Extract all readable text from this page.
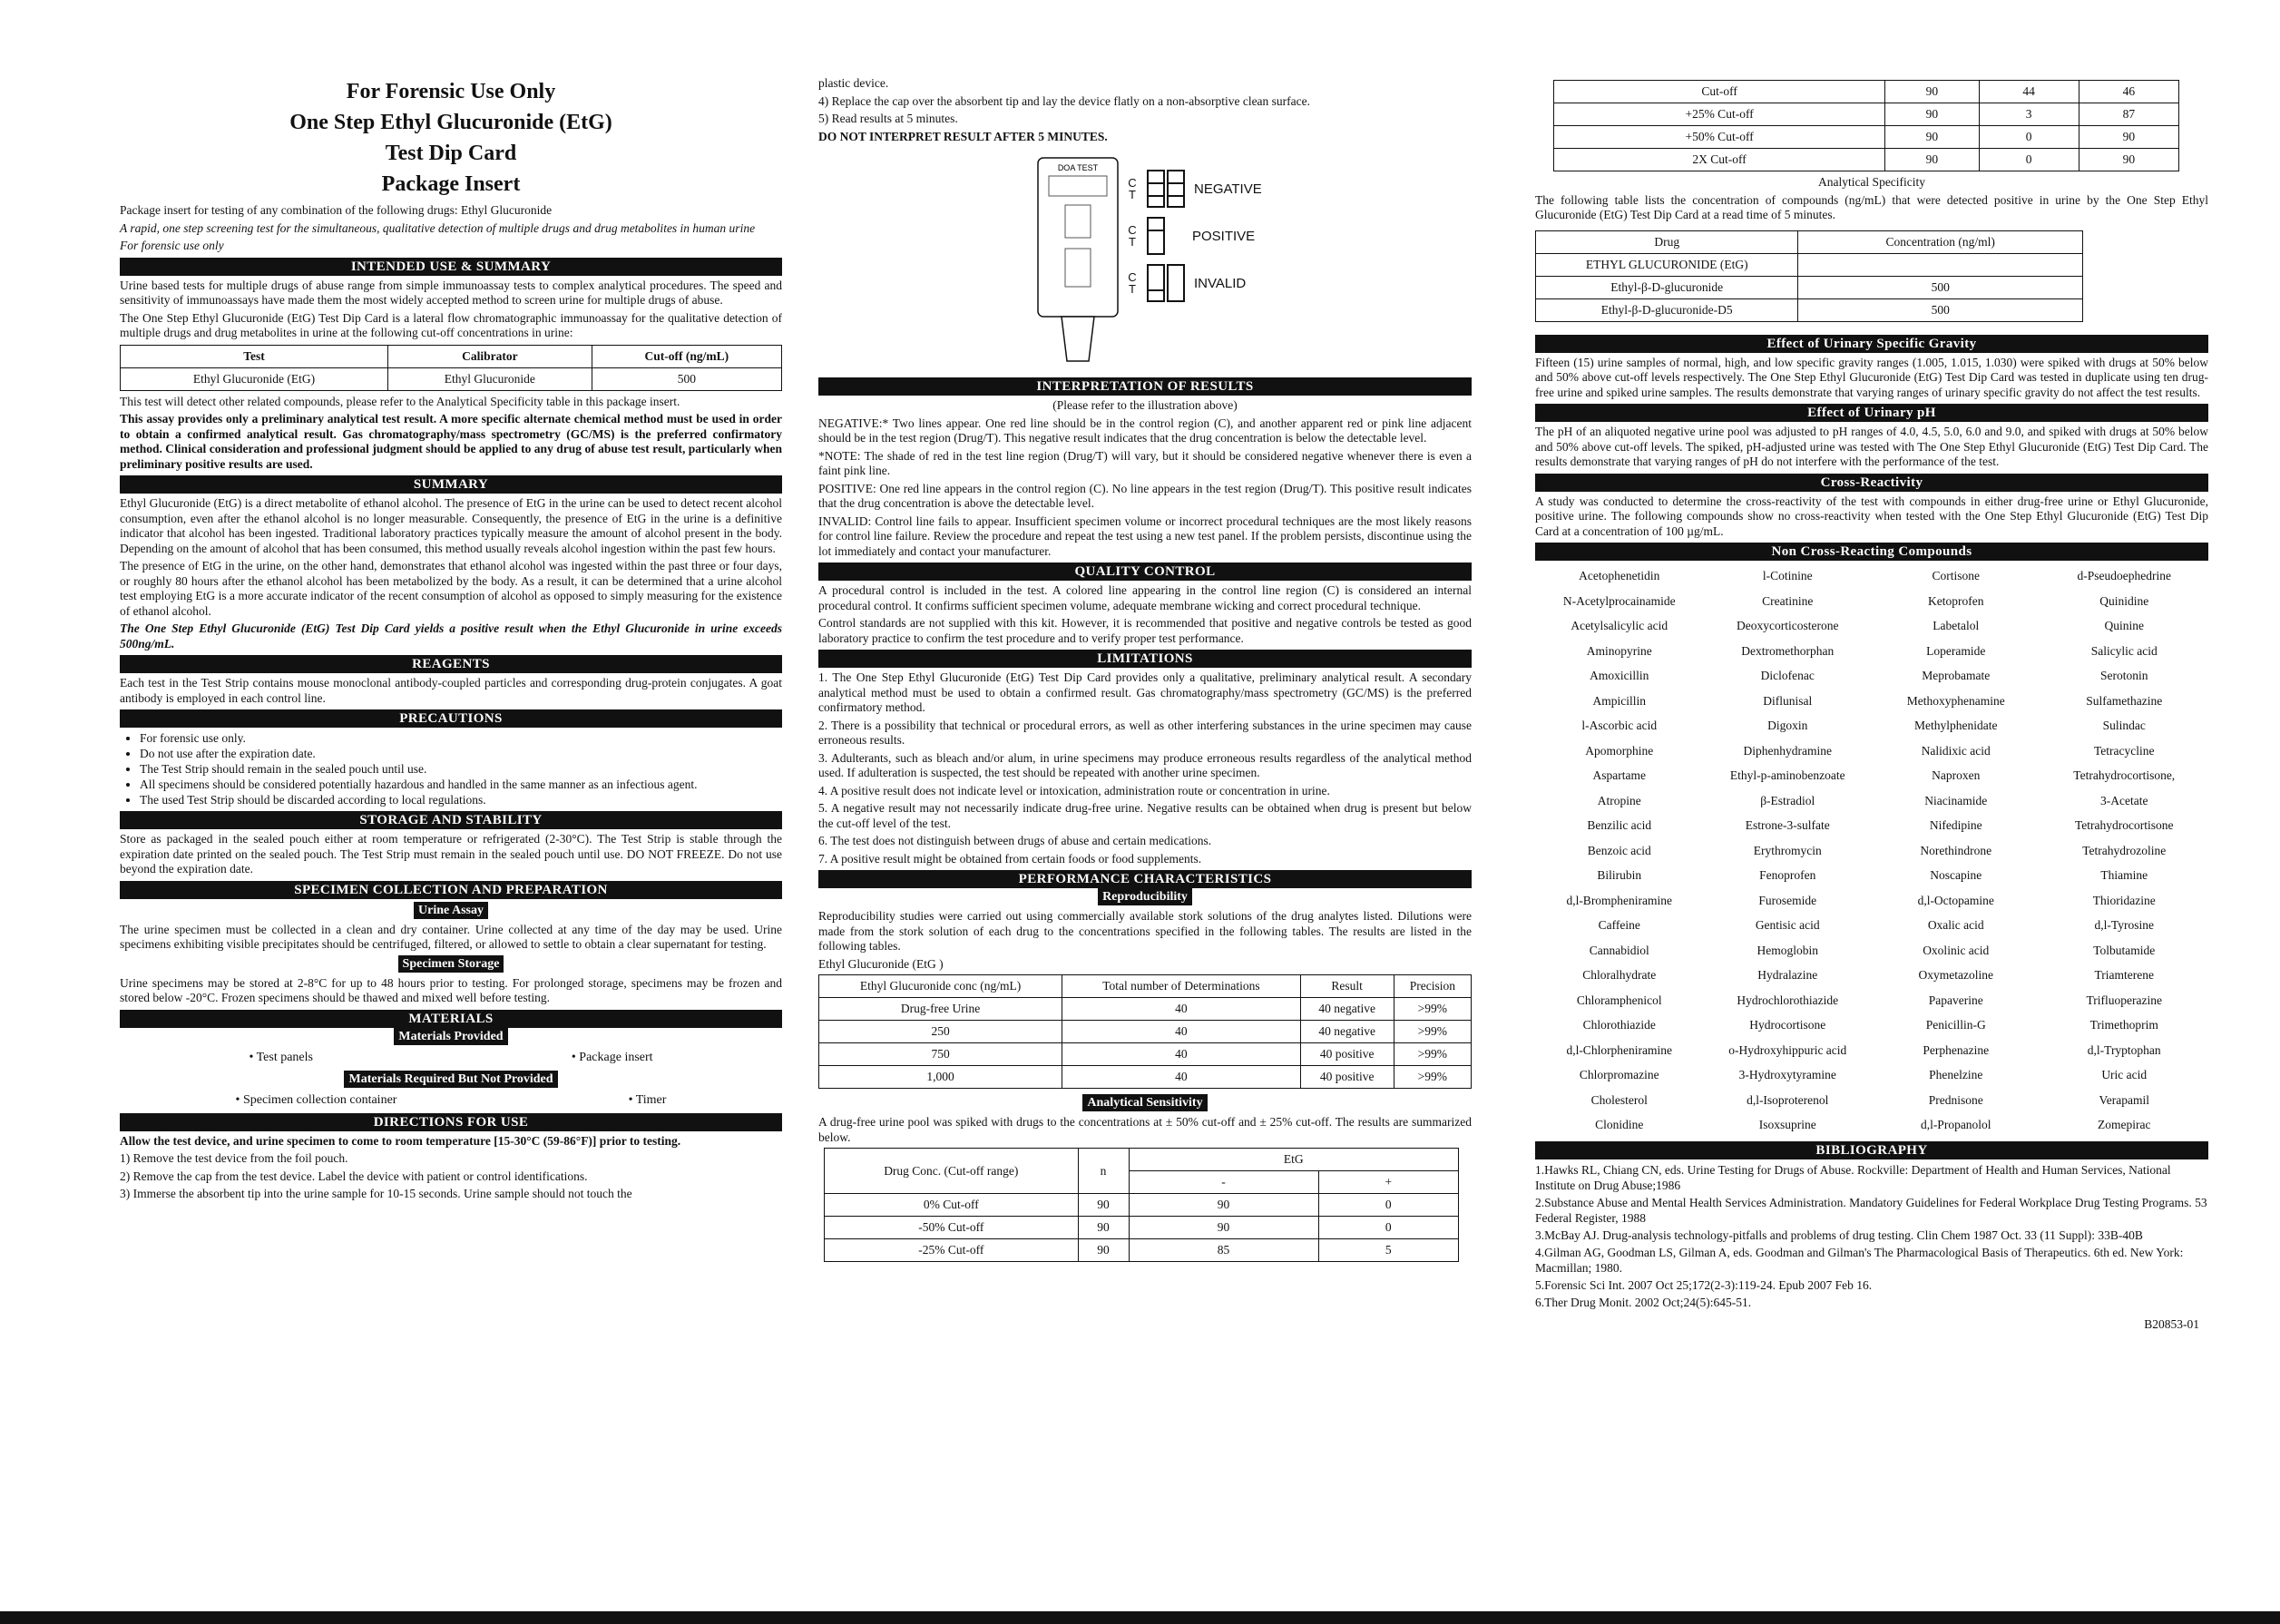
For Forensic Use Only
One Step Ethyl Glucuronide (EtG)
Test Dip Card
Package Insert

Package insert for testing of any combination of the following drugs: Ethyl Glucuronide

A rapid, one step screening test for the simultaneous, qualitative detection of multiple drugs and drug metabolites in human urine

For forensic use only

INTENDED USE & SUMMARY

Urine based tests for multiple drugs of abuse range from simple immunoassay tests to complex analytical procedures. The speed and sensitivity of immunoassays have made them the most widely accepted method to screen urine for multiple drugs of abuse.

The One Step Ethyl Glucuronide (EtG) Test Dip Card is a lateral flow chromatographic immunoassay for the qualitative detection of multiple drugs and drug metabolites in urine at the following cut-off concentrations in urine:

Test	Calibrator	Cut-off (ng/mL)
Ethyl Glucuronide (EtG)	Ethyl Glucuronide	500

This test will detect other related compounds, please refer to the Analytical Specificity table in this package insert.

This assay provides only a preliminary analytical test result. A more specific alternate chemical method must be used in order to obtain a confirmed analytical result. Gas chromatography/mass spectrometry (GC/MS) is the preferred confirmatory method. Clinical consideration and professional judgment should be applied to any drug of abuse test result, particularly when preliminary positive results are used.

SUMMARY

Ethyl Glucuronide (EtG) is a direct metabolite of ethanol alcohol. The presence of EtG in the urine can be used to detect recent alcohol consumption, even after the ethanol alcohol is no longer measurable. Consequently, the presence of EtG in the urine is a definitive indicator that alcohol has been ingested. Traditional laboratory practices typically measure the amount of alcohol present in the body. Depending on the amount of alcohol that has been consumed, this method usually reveals alcohol ingestion within the past few hours.

The presence of EtG in the urine, on the other hand, demonstrates that ethanol alcohol was ingested within the past three or four days, or roughly 80 hours after the ethanol alcohol has been metabolized by the body. As a result, it can be determined that a urine alcohol test employing EtG is a more accurate indicator of the recent consumption of alcohol as opposed to simply measuring for the existence of ethanol alcohol.

The One Step Ethyl Glucuronide (EtG) Test Dip Card yields a positive result when the Ethyl Glucuronide in urine exceeds 500ng/mL.

REAGENTS

Each test in the Test Strip contains mouse monoclonal antibody-coupled particles and corresponding drug-protein conjugates. A goat antibody is employed in each control line.

PRECAUTIONS
• For forensic use only.
• Do not use after the expiration date.
• The Test Strip should remain in the sealed pouch until use.
• All specimens should be considered potentially hazardous and handled in the same manner as an infectious agent.
• The used Test Strip should be discarded according to local regulations.
STORAGE AND STABILITY

Store as packaged in the sealed pouch either at room temperature or refrigerated (2-30°C). The Test Strip is stable through the expiration date printed on the sealed pouch. The Test Strip must remain in the sealed pouch until use. DO NOT FREEZE. Do not use beyond the expiration date.

SPECIMEN COLLECTION AND PREPARATION
Urine Assay

The urine specimen must be collected in a clean and dry container. Urine collected at any time of the day may be used. Urine specimens exhibiting visible precipitates should be centrifuged, filtered, or allowed to settle to obtain a clear supernatant for testing.

Specimen Storage

Urine specimens may be stored at 2-8°C for up to 48 hours prior to testing. For prolonged storage, specimens may be frozen and stored below -20°C. Frozen specimens should be thawed and mixed well before testing.

MATERIALS
Materials Provided
• Test panels	• Package insert
Materials Required But Not Provided
• Specimen collection container	• Timer
DIRECTIONS FOR USE

Allow the test device, and urine specimen to come to room temperature [15-30°C (59-86°F)] prior to testing.

1) Remove the test device from the foil pouch.

2) Remove the cap from the test device. Label the device with patient or control identifications.

3) Immerse the absorbent tip into the urine sample for 10-15 seconds. Urine sample should not touch the

plastic device.

4) Replace the cap over the absorbent tip and lay the device flatly on a non-absorptive clean surface.

5) Read results at 5 minutes.

DO NOT INTERPRET RESULT AFTER 5 MINUTES.

DOA TEST
C
T	NEGATIVE
C
T	POSITIVE
C
T	INVALID
INTERPRETATION OF RESULTS

(Please refer to the illustration above)

NEGATIVE:* Two lines appear. One red line should be in the control region (C), and another apparent red or pink line adjacent should be in the test region (Drug/T). This negative result indicates that the drug concentration is below the detectable level.

*NOTE: The shade of red in the test line region (Drug/T) will vary, but it should be considered negative whenever there is even a faint pink line.

POSITIVE: One red line appears in the control region (C). No line appears in the test region (Drug/T). This positive result indicates that the drug concentration is above the detectable level.

INVALID: Control line fails to appear. Insufficient specimen volume or incorrect procedural techniques are the most likely reasons for control line failure. Review the procedure and repeat the test using a new test panel. If the problem persists, discontinue using the lot immediately and contact your manufacturer.

QUALITY CONTROL

A procedural control is included in the test. A colored line appearing in the control line region (C) is considered an internal procedural control. It confirms sufficient specimen volume, adequate membrane wicking and correct procedural technique.

Control standards are not supplied with this kit. However, it is recommended that positive and negative controls be tested as good laboratory practice to confirm the test procedure and to verify proper test performance.

LIMITATIONS

1. The One Step Ethyl Glucuronide (EtG) Test Dip Card provides only a qualitative, preliminary analytical result. A secondary analytical method must be used to obtain a confirmed result. Gas chromatography/mass spectrometry (GC/MS) is the preferred confirmatory method.

2. There is a possibility that technical or procedural errors, as well as other interfering substances in the urine specimen may cause erroneous results.

3. Adulterants, such as bleach and/or alum, in urine specimens may produce erroneous results regardless of the analytical method used. If adulteration is suspected, the test should be repeated with another urine specimen.

4. A positive result does not indicate level or intoxication, administration route or concentration in urine.

5. A negative result may not necessarily indicate drug-free urine. Negative results can be obtained when drug is present but below the cut-off level of the test.

6. The test does not distinguish between drugs of abuse and certain medications.

7. A positive result might be obtained from certain foods or food supplements.

PERFORMANCE CHARACTERISTICS
Reproducibility

Reproducibility studies were carried out using commercially available stork solutions of the drug analytes listed. Dilutions were made from the stork solution of each drug to the concentrations specified in the following tables. The results are listed in the following tables.

Ethyl Glucuronide (EtG )

Ethyl Glucuronide conc (ng/mL)	Total number of Determinations	Result	Precision
Drug-free Urine	40	40 negative	>99%
250	40	40 negative	>99%
750	40	40 positive	>99%
1,000	40	40 positive	>99%
Analytical Sensitivity

A drug-free urine pool was spiked with drugs to the concentrations at ± 50% cut-off and ± 25% cut-off. The results are summarized below.

Drug Conc. (Cut-off range)	n	EtG	
		-	+
0% Cut-off	90	90	0
-50% Cut-off	90	90	0
-25% Cut-off	90	85	5
Cut-off	90	44	46
+25% Cut-off	90	3	87
+50% Cut-off	90	0	90
2X Cut-off	90	0	90

Analytical Specificity

The following table lists the concentration of compounds (ng/mL) that were detected positive in urine by the One Step Ethyl Glucuronide (EtG) Test Dip Card at a read time of 5 minutes.

Drug	Concentration (ng/ml)
ETHYL GLUCURONIDE (EtG)	
Ethyl-β-D-glucuronide	500
Ethyl-β-D-glucuronide-D5	500
Effect of Urinary Specific Gravity

Fifteen (15) urine samples of normal, high, and low specific gravity ranges (1.005, 1.015, 1.030) were spiked with drugs at 50% below and 50% above cut-off levels respectively. The One Step Ethyl Glucuronide (EtG) Test Dip Card was tested in duplicate using ten drug-free urine and spiked urine samples. The results demonstrate that varying ranges of urinary specific gravity do not affect the test results.

Effect of Urinary pH

The pH of an aliquoted negative urine pool was adjusted to pH ranges of 4.0, 4.5, 5.0, 6.0 and 9.0, and spiked with drugs at 50% below and 50% above cut-off levels. The spiked, pH-adjusted urine was tested with The One Step Ethyl Glucuronide (EtG) Test Dip Card. The results demonstrate that varying ranges of pH do not interfere with the performance of the test.

Cross-Reactivity

A study was conducted to determine the cross-reactivity of the test with compounds in either drug-free urine or Ethyl Glucuronide, positive urine. The following compounds show no cross-reactivity when tested with the One Step Ethyl Glucuronide (EtG) Test Dip Card at a concentration of 100 µg/mL.

Non Cross-Reacting Compounds
Acetophenetidin	l-Cotinine	Cortisone	d-Pseudoephedrine
N-Acetylprocainamide	Creatinine	Ketoprofen	Quinidine
Acetylsalicylic acid	Deoxycorticosterone	Labetalol	Quinine
Aminopyrine	Dextromethorphan	Loperamide	Salicylic acid
Amoxicillin	Diclofenac	Meprobamate	Serotonin
Ampicillin	Diflunisal	Methoxyphenamine	Sulfamethazine
l-Ascorbic acid	Digoxin	Methylphenidate	Sulindac
Apomorphine	Diphenhydramine	Nalidixic acid	Tetracycline
Aspartame	Ethyl-p-aminobenzoate	Naproxen	Tetrahydrocortisone,
Atropine	β-Estradiol	Niacinamide	3-Acetate
Benzilic acid	Estrone-3-sulfate	Nifedipine	Tetrahydrocortisone
Benzoic acid	Erythromycin	Norethindrone	Tetrahydrozoline
Bilirubin	Fenoprofen	Noscapine	Thiamine
d,l-Brompheniramine	Furosemide	d,l-Octopamine	Thioridazine
Caffeine	Gentisic acid	Oxalic acid	d,l-Tyrosine
Cannabidiol	Hemoglobin	Oxolinic acid	Tolbutamide
Chloralhydrate	Hydralazine	Oxymetazoline	Triamterene
Chloramphenicol	Hydrochlorothiazide	Papaverine	Trifluoperazine
Chlorothiazide	Hydrocortisone	Penicillin-G	Trimethoprim
d,l-Chlorpheniramine	o-Hydroxyhippuric acid	Perphenazine	d,l-Tryptophan
Chlorpromazine	3-Hydroxytyramine	Phenelzine	Uric acid
Cholesterol	d,l-Isoproterenol	Prednisone	Verapamil
Clonidine	Isoxsuprine	d,l-Propanolol	Zomepirac
BIBLIOGRAPHY

1.Hawks RL, Chiang CN, eds. Urine Testing for Drugs of Abuse. Rockville: Department of Health and Human Services, National Institute on Drug Abuse;1986

2.Substance Abuse and Mental Health Services Administration. Mandatory Guidelines for Federal Workplace Drug Testing Programs. 53 Federal Register, 1988

3.McBay AJ. Drug-analysis technology-pitfalls and problems of drug testing. Clin Chem 1987 Oct. 33 (11 Suppl): 33B-40B

4.Gilman AG, Goodman LS, Gilman A, eds. Goodman and Gilman's The Pharmacological Basis of Therapeutics. 6th ed. New York: Macmillan; 1980.

5.Forensic Sci Int. 2007 Oct 25;172(2-3):119-24. Epub 2007 Feb 16.

6.Ther Drug Monit. 2002 Oct;24(5):645-51.

B20853-01
